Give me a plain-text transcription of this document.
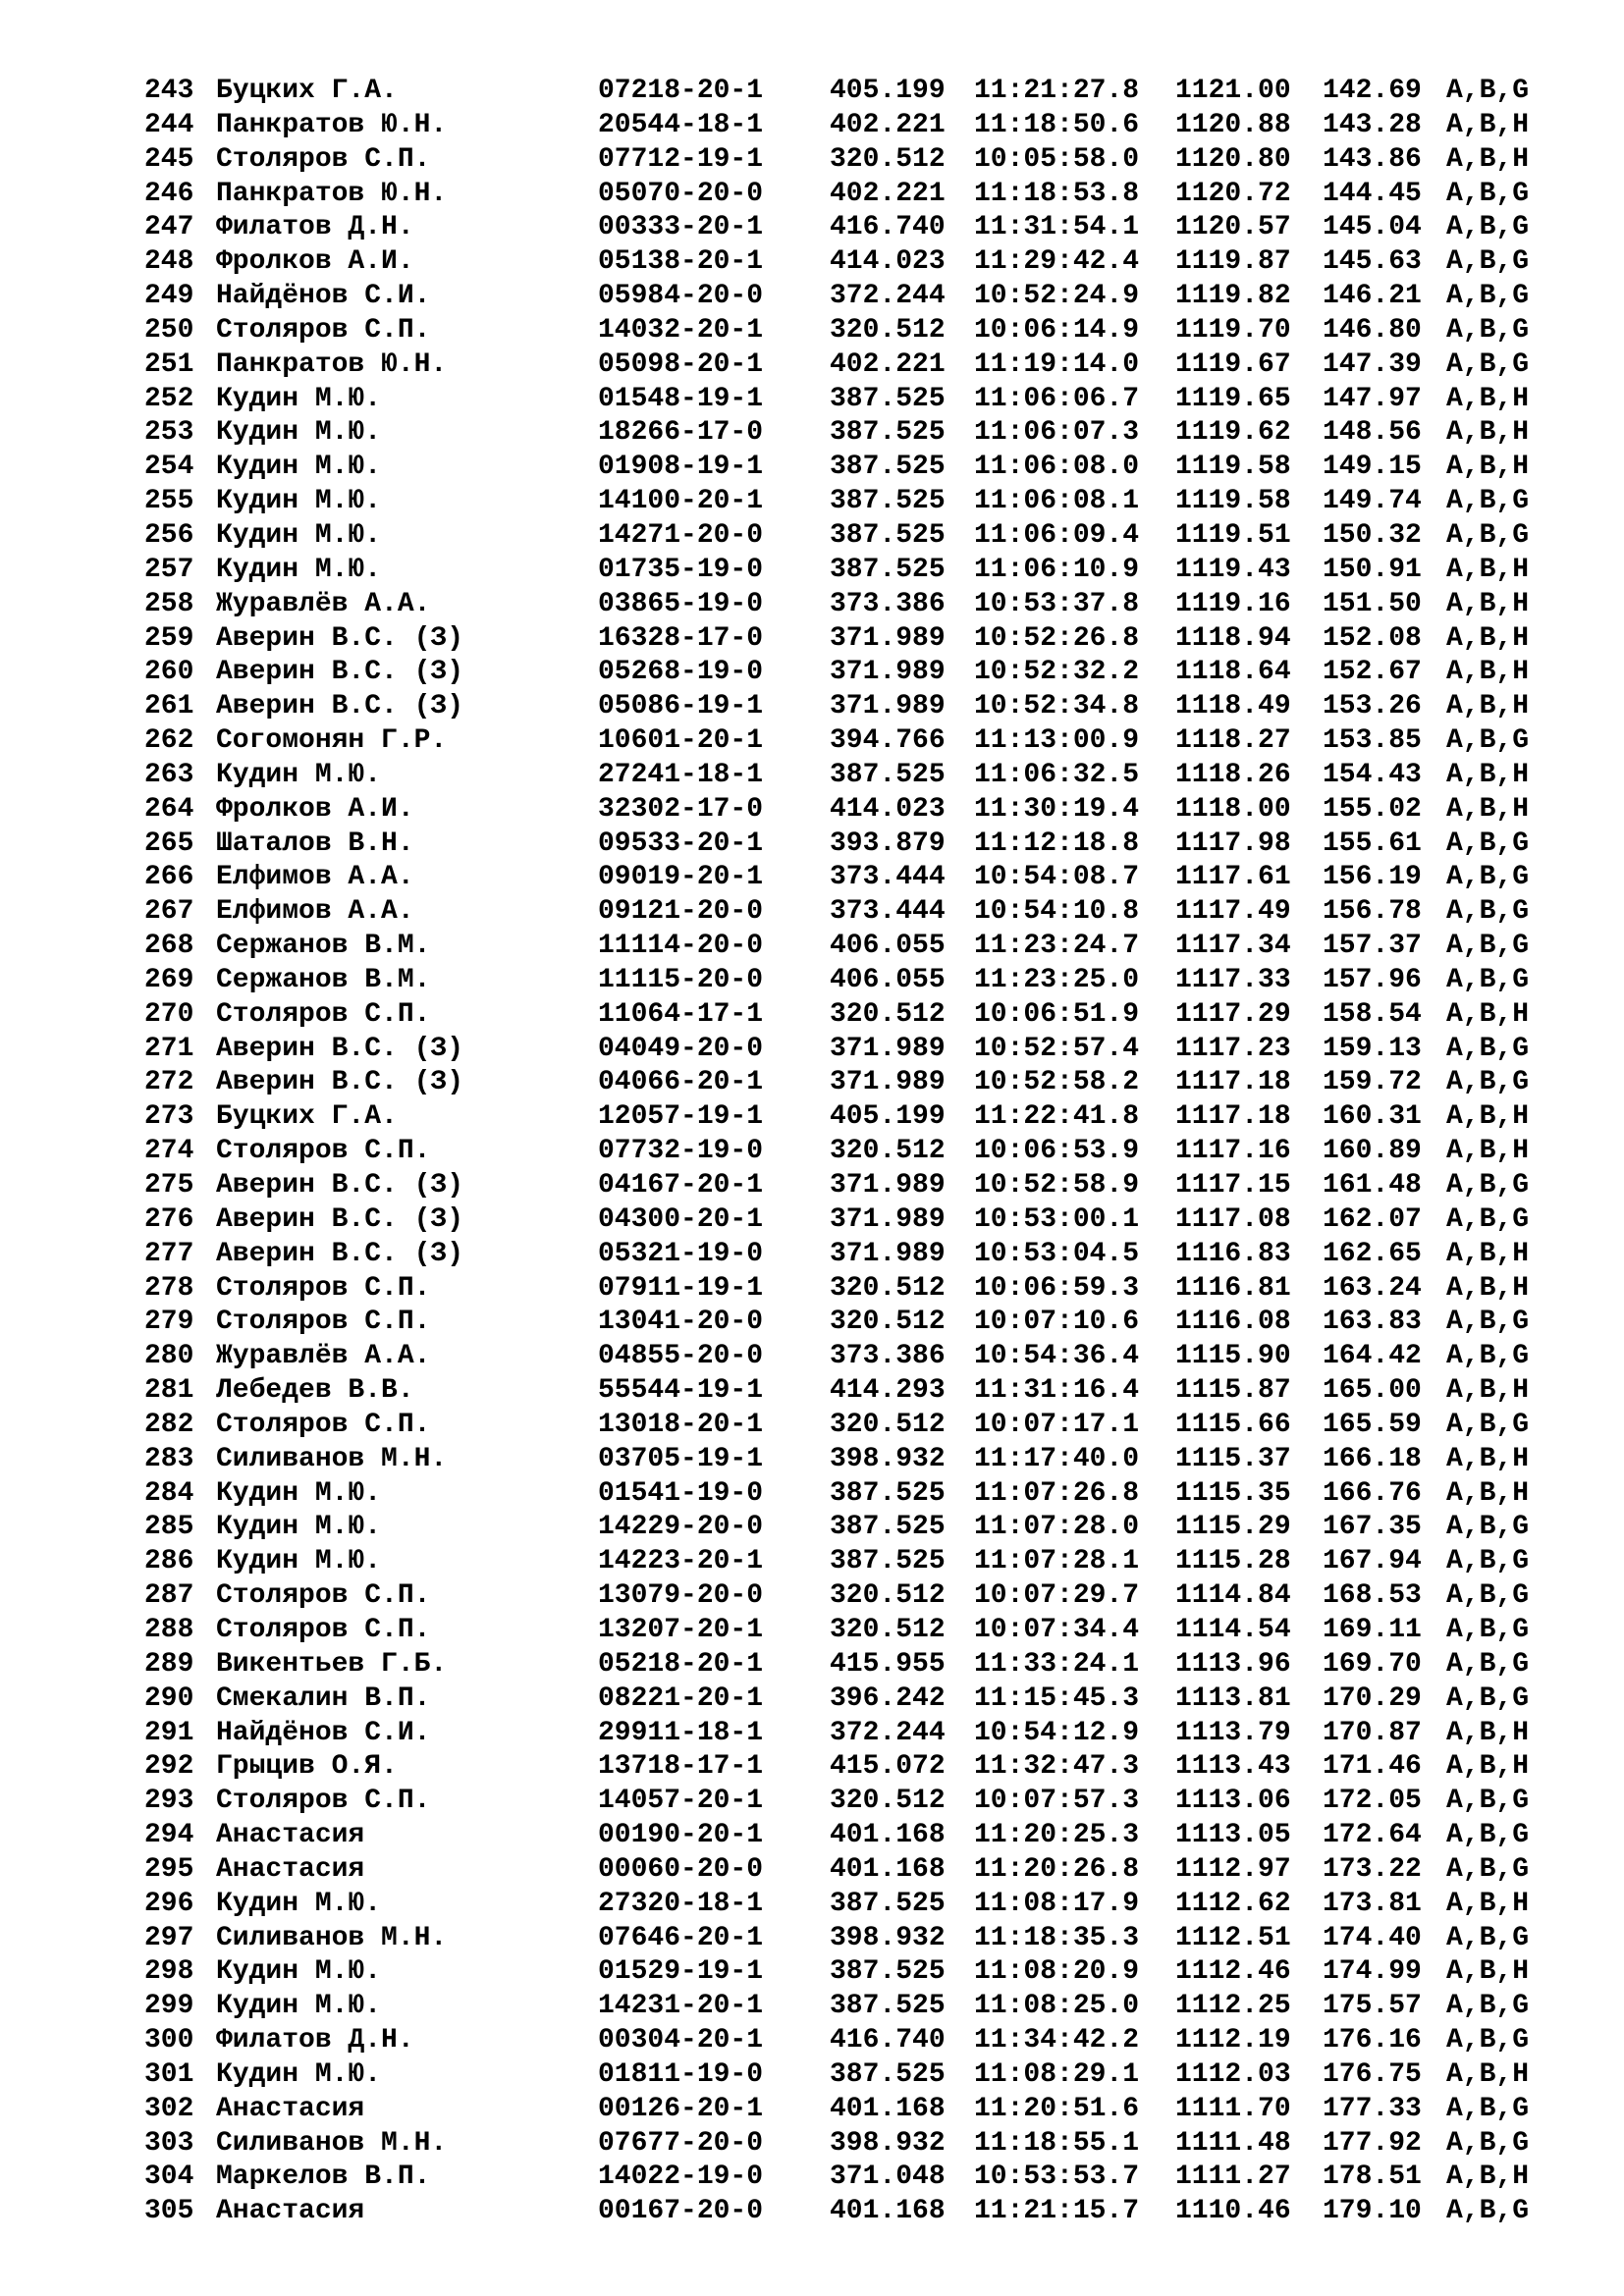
243 Буцких Г.А.	07218-20-1 405.199 11:21:27.8 1121.00 142.69 A,B,G
244 Панкратов Ю.Н.	20544-18-1 402.221 11:18:50.6 1120.88 143.28 A,B,H
245 Столяров С.П.	07712-19-1 320.512 10:05:58.0 1120.80 143.86 A,B,H
246 Панкратов Ю.Н.	05070-20-0 402.221 11:18:53.8 1120.72 144.45 A,B,G
247 Филатов Д.Н.	00333-20-1 416.740 11:31:54.1 1120.57 145.04 A,B,G
248 Фролков А.И.	05138-20-1 414.023 11:29:42.4 1119.87 145.63 A,B,G
249 Найдёнов С.И.	05984-20-0 372.244 10:52:24.9 1119.82 146.21 A,B,G
250 Столяров С.П.	14032-20-1 320.512 10:06:14.9 1119.70 146.80 A,B,G
251 Панкратов Ю.Н.	05098-20-1 402.221 11:19:14.0 1119.67 147.39 A,B,G
252 Кудин М.Ю.	01548-19-1 387.525 11:06:06.7 1119.65 147.97 A,B,H
253 Кудин М.Ю.	18266-17-0 387.525 11:06:07.3 1119.62 148.56 A,B,H
254 Кудин М.Ю.	01908-19-1 387.525 11:06:08.0 1119.58 149.15 A,B,H
255 Кудин М.Ю.	14100-20-1 387.525 11:06:08.1 1119.58 149.74 A,B,G
256 Кудин М.Ю.	14271-20-0 387.525 11:06:09.4 1119.51 150.32 A,B,G
257 Кудин М.Ю.	01735-19-0 387.525 11:06:10.9 1119.43 150.91 A,B,H
258 Журавлёв А.А.	03865-19-0 373.386 10:53:37.8 1119.16 151.50 A,B,H
259 Аверин В.С. (З)	16328-17-0 371.989 10:52:26.8 1118.94 152.08 A,B,H
260 Аверин В.С. (З)	05268-19-0 371.989 10:52:32.2 1118.64 152.67 A,B,H
261 Аверин В.С. (З)	05086-19-1 371.989 10:52:34.8 1118.49 153.26 A,B,H
262 Согомонян Г.Р.	10601-20-1 394.766 11:13:00.9 1118.27 153.85 A,B,G
263 Кудин М.Ю.	27241-18-1 387.525 11:06:32.5 1118.26 154.43 A,B,H
264 Фролков А.И.	32302-17-0 414.023 11:30:19.4 1118.00 155.02 A,B,H
265 Шаталов В.Н.	09533-20-1 393.879 11:12:18.8 1117.98 155.61 A,B,G
266 Елфимов А.А.	09019-20-1 373.444 10:54:08.7 1117.61 156.19 A,B,G
267 Елфимов А.А.	09121-20-0 373.444 10:54:10.8 1117.49 156.78 A,B,G
268 Сержанов В.М.	11114-20-0 406.055 11:23:24.7 1117.34 157.37 A,B,G
269 Сержанов В.М.	11115-20-0 406.055 11:23:25.0 1117.33 157.96 A,B,G
270 Столяров С.П.	11064-17-1 320.512 10:06:51.9 1117.29 158.54 A,B,H
271 Аверин В.С. (З)	04049-20-0 371.989 10:52:57.4 1117.23 159.13 A,B,G
272 Аверин В.С. (З)	04066-20-1 371.989 10:52:58.2 1117.18 159.72 A,B,G
273 Буцких Г.А.	12057-19-1 405.199 11:22:41.8 1117.18 160.31 A,B,H
274 Столяров С.П.	07732-19-0 320.512 10:06:53.9 1117.16 160.89 A,B,H
275 Аверин В.С. (З)	04167-20-1 371.989 10:52:58.9 1117.15 161.48 A,B,G
276 Аверин В.С. (З)	04300-20-1 371.989 10:53:00.1 1117.08 162.07 A,B,G
277 Аверин В.С. (З)	05321-19-0 371.989 10:53:04.5 1116.83 162.65 A,B,H
278 Столяров С.П.	07911-19-1 320.512 10:06:59.3 1116.81 163.24 A,B,H
279 Столяров С.П.	13041-20-0 320.512 10:07:10.6 1116.08 163.83 A,B,G
280 Журавлёв А.А.	04855-20-0 373.386 10:54:36.4 1115.90 164.42 A,B,G
281 Лебедев В.В.	55544-19-1 414.293 11:31:16.4 1115.87 165.00 A,B,H
282 Столяров С.П.	13018-20-1 320.512 10:07:17.1 1115.66 165.59 A,B,G
283 Силиванов М.Н.	03705-19-1 398.932 11:17:40.0 1115.37 166.18 A,B,H
284 Кудин М.Ю.	01541-19-0 387.525 11:07:26.8 1115.35 166.76 A,B,H
285 Кудин М.Ю.	14229-20-0 387.525 11:07:28.0 1115.29 167.35 A,B,G
286 Кудин М.Ю.	14223-20-1 387.525 11:07:28.1 1115.28 167.94 A,B,G
287 Столяров С.П.	13079-20-0 320.512 10:07:29.7 1114.84 168.53 A,B,G
288 Столяров С.П.	13207-20-1 320.512 10:07:34.4 1114.54 169.11 A,B,G
289 Викентьев Г.Б.	05218-20-1 415.955 11:33:24.1 1113.96 169.70 A,B,G
290 Смекалин В.П.	08221-20-1 396.242 11:15:45.3 1113.81 170.29 A,B,G
291 Найдёнов С.И.	29911-18-1 372.244 10:54:12.9 1113.79 170.87 A,B,H
292 Грыцив О.Я.	13718-17-1 415.072 11:32:47.3 1113.43 171.46 A,B,H
293 Столяров С.П.	14057-20-1 320.512 10:07:57.3 1113.06 172.05 A,B,G
294 Анастасия	00190-20-1 401.168 11:20:25.3 1113.05 172.64 A,B,G
295 Анастасия	00060-20-0 401.168 11:20:26.8 1112.97 173.22 A,B,G
296 Кудин М.Ю.	27320-18-1 387.525 11:08:17.9 1112.62 173.81 A,B,H
297 Силиванов М.Н.	07646-20-1 398.932 11:18:35.3 1112.51 174.40 A,B,G
298 Кудин М.Ю.	01529-19-1 387.525 11:08:20.9 1112.46 174.99 A,B,H
299 Кудин М.Ю.	14231-20-1 387.525 11:08:25.0 1112.25 175.57 A,B,G
300 Филатов Д.Н.	00304-20-1 416.740 11:34:42.2 1112.19 176.16 A,B,G
301 Кудин М.Ю.	01811-19-0 387.525 11:08:29.1 1112.03 176.75 A,B,H
302 Анастасия	00126-20-1 401.168 11:20:51.6 1111.70 177.33 A,B,G
303 Силиванов М.Н.	07677-20-0 398.932 11:18:55.1 1111.48 177.92 A,B,G
304 Маркелов В.П.	14022-19-0 371.048 10:53:53.7 1111.27 178.51 A,B,H
305 Анастасия	00167-20-0 401.168 11:21:15.7 1110.46 179.10 A,B,G
